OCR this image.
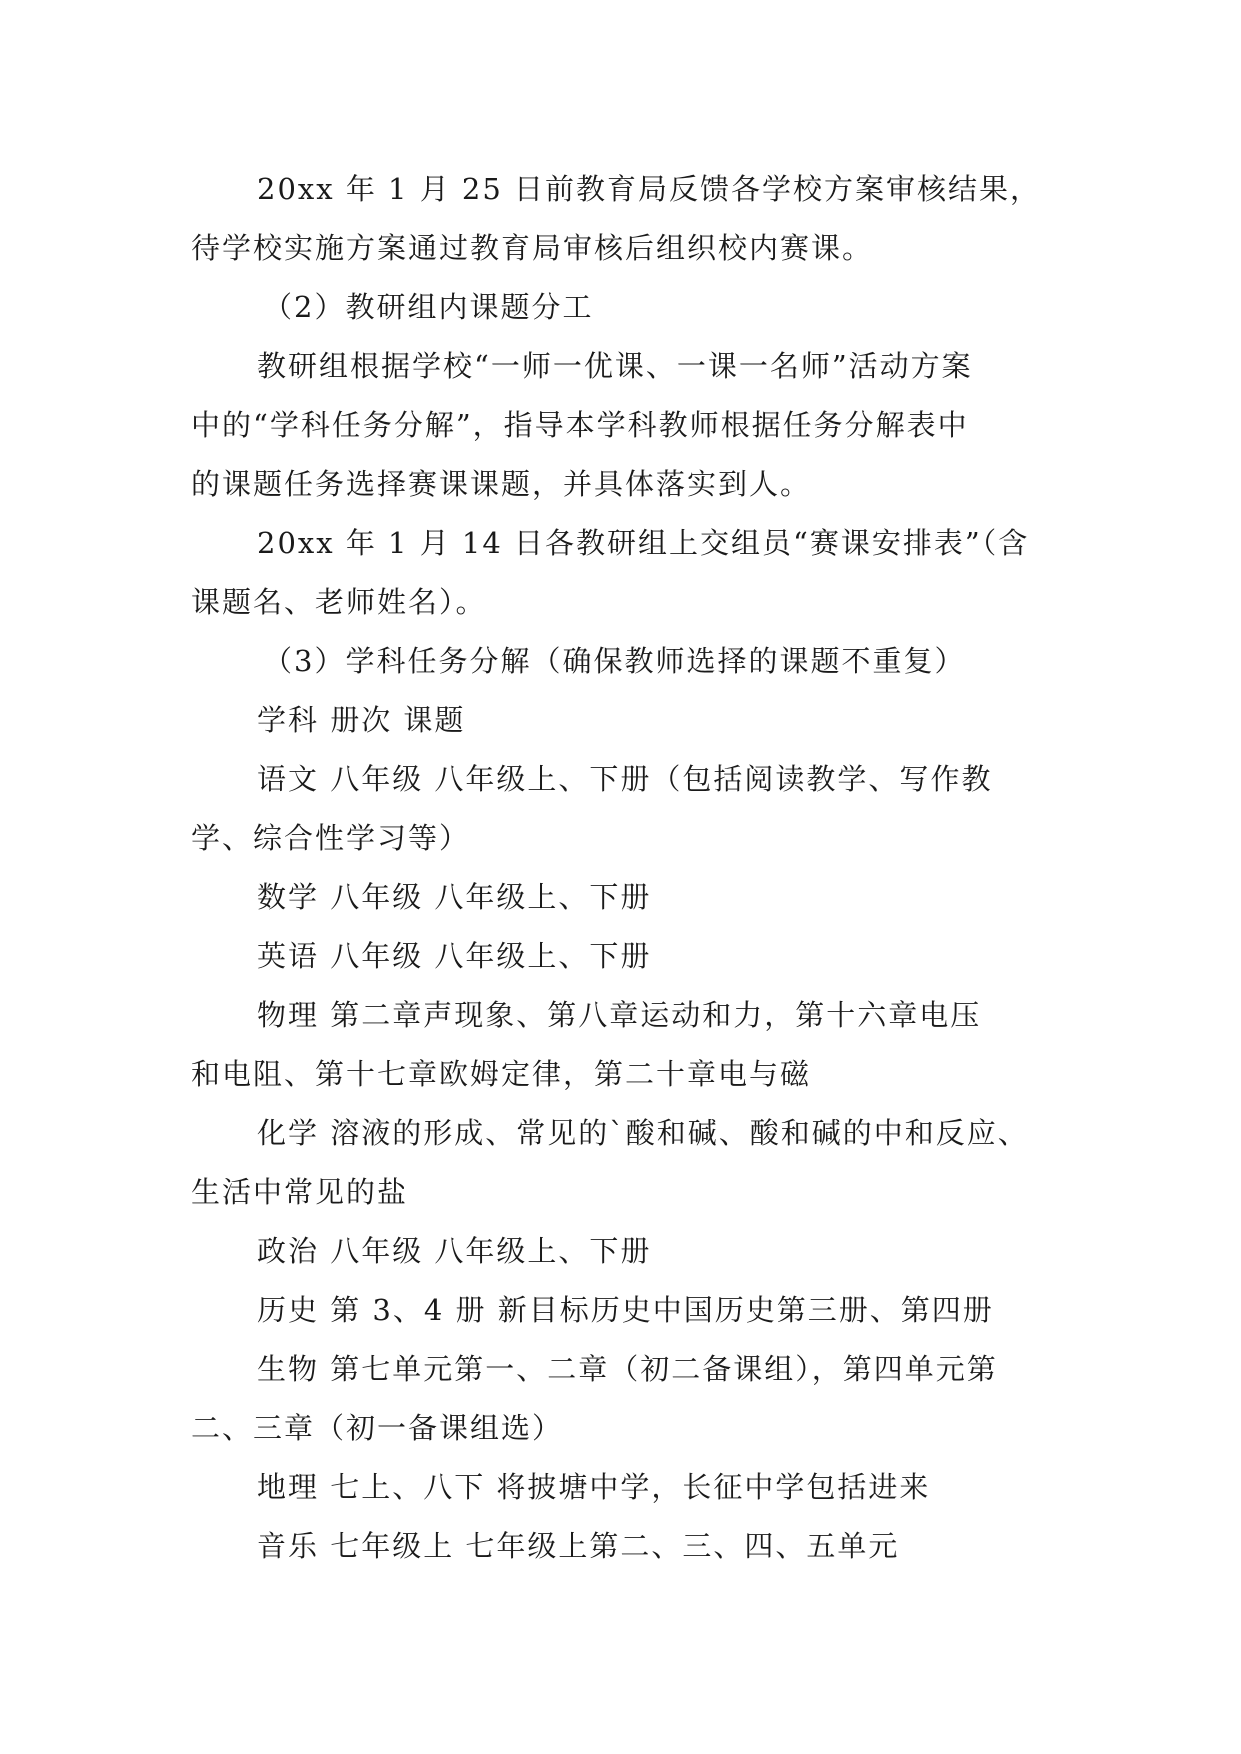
20xx 年 1 月 25 日前教育局反馈各学校方案审核结果，

待学校实施方案通过教育局审核后组织校内赛课。

（2）教研组内课题分工

教研组根据学校“一师一优课、一课一名师”活动方案

中的“学科任务分解”，指导本学科教师根据任务分解表中

的课题任务选择赛课课题，并具体落实到人。

20xx 年 1 月 14 日各教研组上交组员“赛课安排表”（含

课题名、老师姓名）。

（3）学科任务分解（确保教师选择的课题不重复）

学科 册次 课题

语文 八年级 八年级上、下册（包括阅读教学、写作教

学、综合性学习等）

数学 八年级 八年级上、下册

英语 八年级 八年级上、下册

物理 第二章声现象、第八章运动和力，第十六章电压

和电阻、第十七章欧姆定律，第二十章电与磁

化学 溶液的形成、常见的`酸和碱、酸和碱的中和反应、

生活中常见的盐

政治 八年级 八年级上、下册

历史 第 3、4 册 新目标历史中国历史第三册、第四册

生物 第七单元第一、二章（初二备课组），第四单元第

二、三章（初一备课组选）

地理 七上、八下 将披塘中学，长征中学包括进来

音乐 七年级上 七年级上第二、三、四、五单元
